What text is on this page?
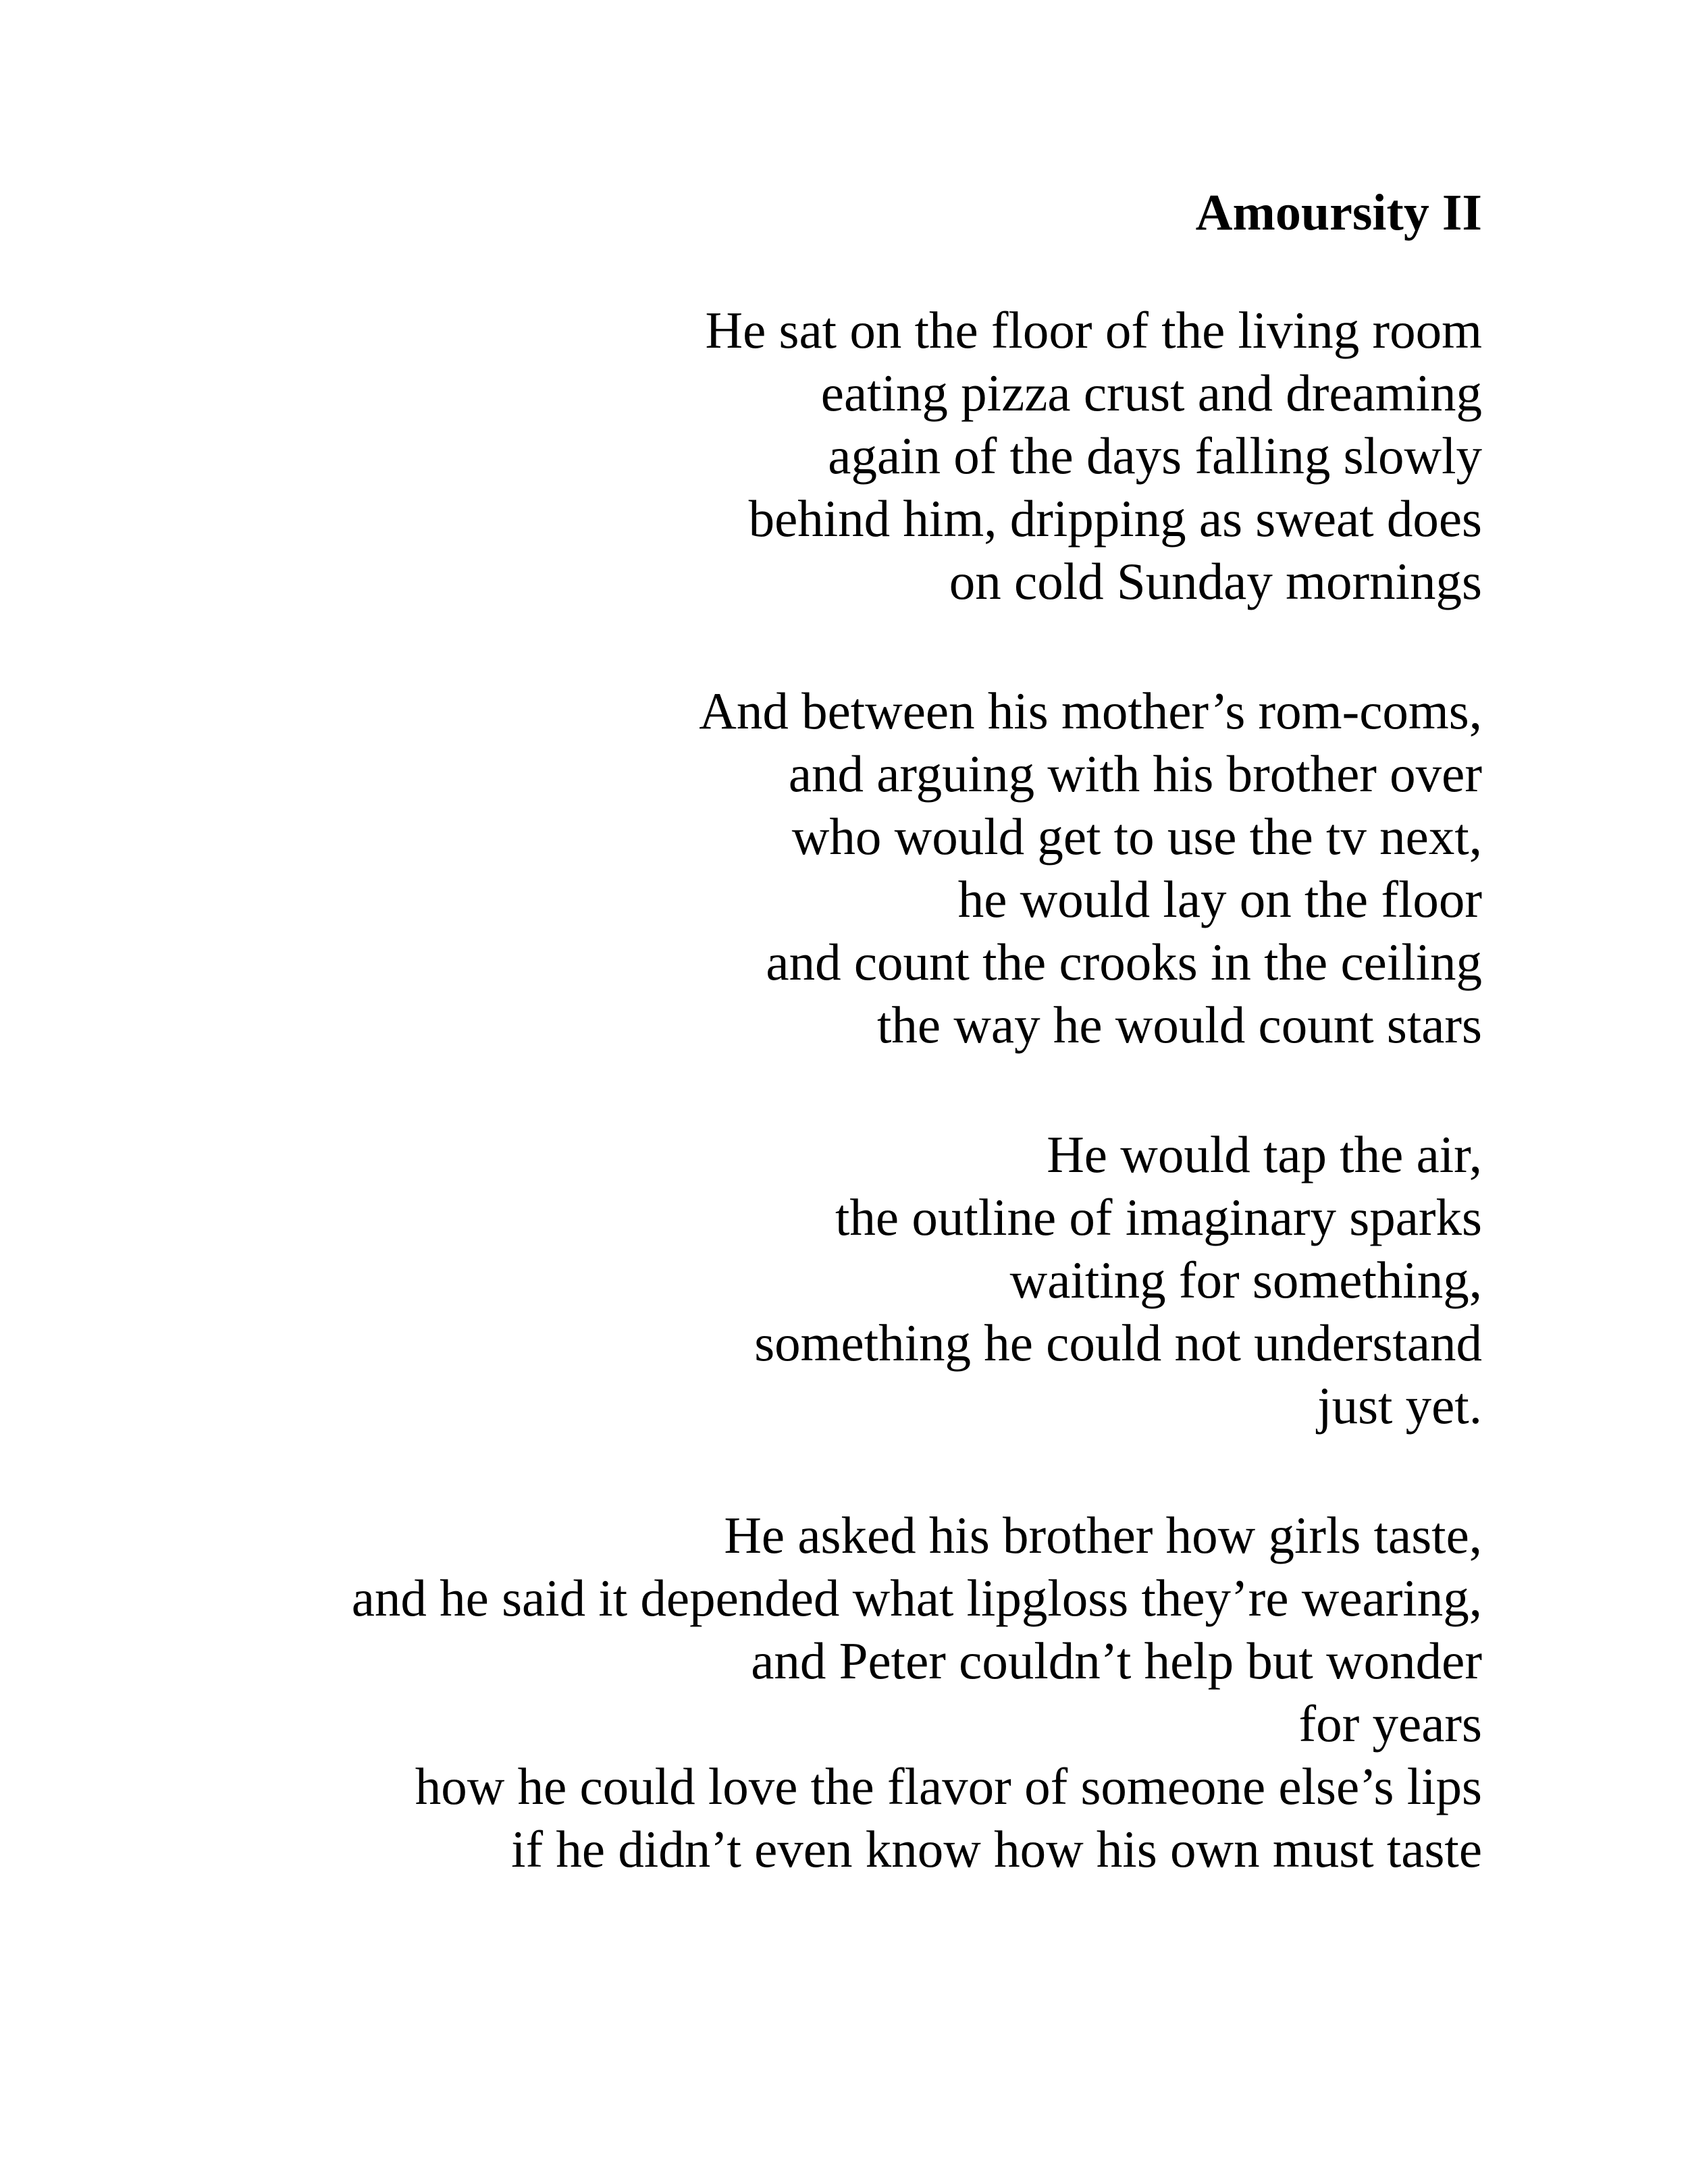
Amoursity II
He sat on the floor of the living room
eating pizza crust and dreaming
again of the days falling slowly
behind him, dripping as sweat does
on cold Sunday mornings
And between his mother’s rom-coms,
and arguing with his brother over
who would get to use the tv next,
he would lay on the floor
and count the crooks in the ceiling
the way he would count stars
He would tap the air,
the outline of imaginary sparks
waiting for something,
something he could not understand
just yet.
He asked his brother how girls taste,
and he said it depended what lipgloss they’re wearing,
and Peter couldn’t help but wonder
for years
how he could love the flavor of someone else’s lips
if he didn’t even know how his own must taste
